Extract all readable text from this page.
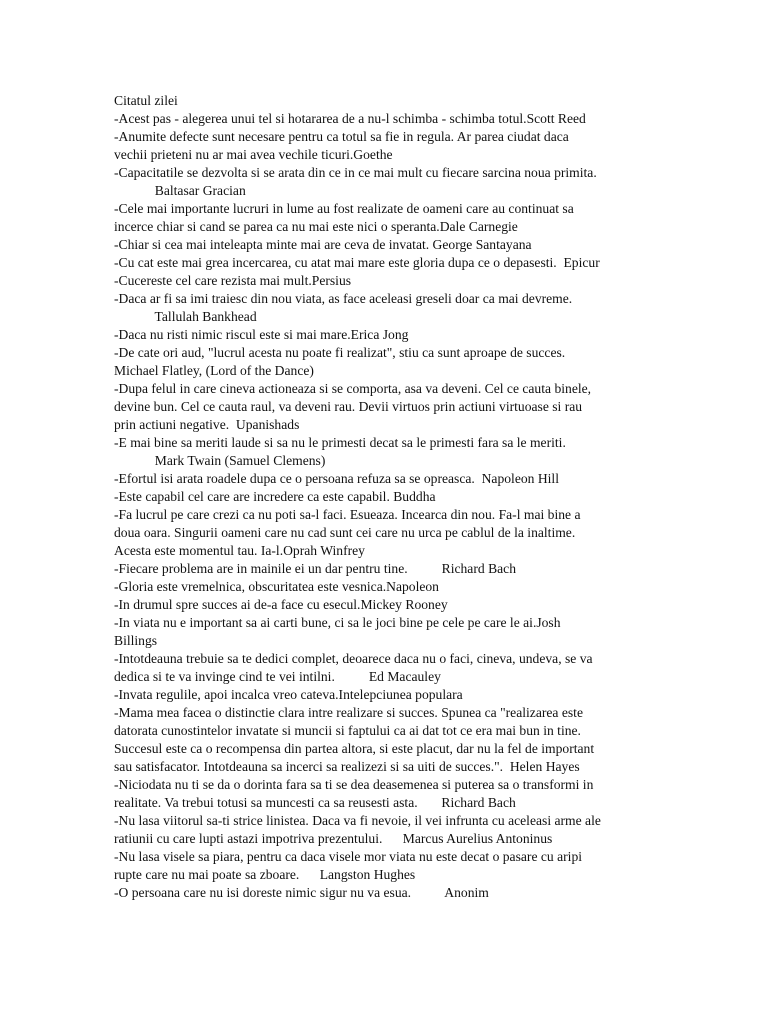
Citatul zilei
-Acest pas - alegerea unui tel si hotararea de a nu-l schimba - schimba totul.Scott Reed
-Anumite defecte sunt necesare pentru ca totul sa fie in regula. Ar parea ciudat daca
vechii prieteni nu ar mai avea vechile ticuri.Goethe
-Capacitatile se dezvolta si se arata din ce in ce mai mult cu fiecare sarcina noua primita.
Baltasar Gracian
-Cele mai importante lucruri in lume au fost realizate de oameni care au continuat sa
incerce chiar si cand se parea ca nu mai este nici o speranta.Dale Carnegie
-Chiar si cea mai inteleapta minte mai are ceva de invatat. George Santayana
-Cu cat este mai grea incercarea, cu atat mai mare este gloria dupa ce o depasesti.  Epicur
-Cucereste cel care rezista mai mult.Persius
-Daca ar fi sa imi traiesc din nou viata, as face aceleasi greseli doar ca mai devreme.
Tallulah Bankhead
-Daca nu risti nimic riscul este si mai mare.Erica Jong
-De cate ori aud, "lucrul acesta nu poate fi realizat", stiu ca sunt aproape de succes.
Michael Flatley, (Lord of the Dance)
-Dupa felul in care cineva actioneaza si se comporta, asa va deveni. Cel ce cauta binele,
devine bun. Cel ce cauta raul, va deveni rau. Devii virtuos prin actiuni virtuoase si rau
prin actiuni negative.  Upanishads
-E mai bine sa meriti laude si sa nu le primesti decat sa le primesti fara sa le meriti.
Mark Twain (Samuel Clemens)
-Efortul isi arata roadele dupa ce o persoana refuza sa se opreasca.  Napoleon Hill
-Este capabil cel care are incredere ca este capabil. Buddha
-Fa lucrul pe care crezi ca nu poti sa-l faci. Esueaza. Incearca din nou. Fa-l mai bine a
doua oara. Singurii oameni care nu cad sunt cei care nu urca pe cablul de la inaltime.
Acesta este momentul tau. Ia-l.Oprah Winfrey
-Fiecare problema are in mainile ei un dar pentru tine.          Richard Bach
-Gloria este vremelnica, obscuritatea este vesnica.Napoleon
-In drumul spre succes ai de-a face cu esecul.Mickey Rooney
-In viata nu e important sa ai carti bune, ci sa le joci bine pe cele pe care le ai.Josh
Billings
-Intotdeauna trebuie sa te dedici complet, deoarece daca nu o faci, cineva, undeva, se va
dedica si te va invinge cind te vei intilni.          Ed Macauley
-Invata regulile, apoi incalca vreo cateva.Intelepciunea populara
-Mama mea facea o distinctie clara intre realizare si succes. Spunea ca "realizarea este
datorata cunostintelor invatate si muncii si faptului ca ai dat tot ce era mai bun in tine.
Succesul este ca o recompensa din partea altora, si este placut, dar nu la fel de important
sau satisfacator. Intotdeauna sa incerci sa realizezi si sa uiti de succes.".  Helen Hayes
-Niciodata nu ti se da o dorinta fara sa ti se dea deasemenea si puterea sa o transformi in
realitate. Va trebui totusi sa muncesti ca sa reusesti asta.       Richard Bach
-Nu lasa viitorul sa-ti strice linistea. Daca va fi nevoie, il vei infrunta cu aceleasi arme ale
ratiunii cu care lupti astazi impotriva prezentului.      Marcus Aurelius Antoninus
-Nu lasa visele sa piara, pentru ca daca visele mor viata nu este decat o pasare cu aripi
rupte care nu mai poate sa zboare.      Langston Hughes
-O persoana care nu isi doreste nimic sigur nu va esua.          Anonim
